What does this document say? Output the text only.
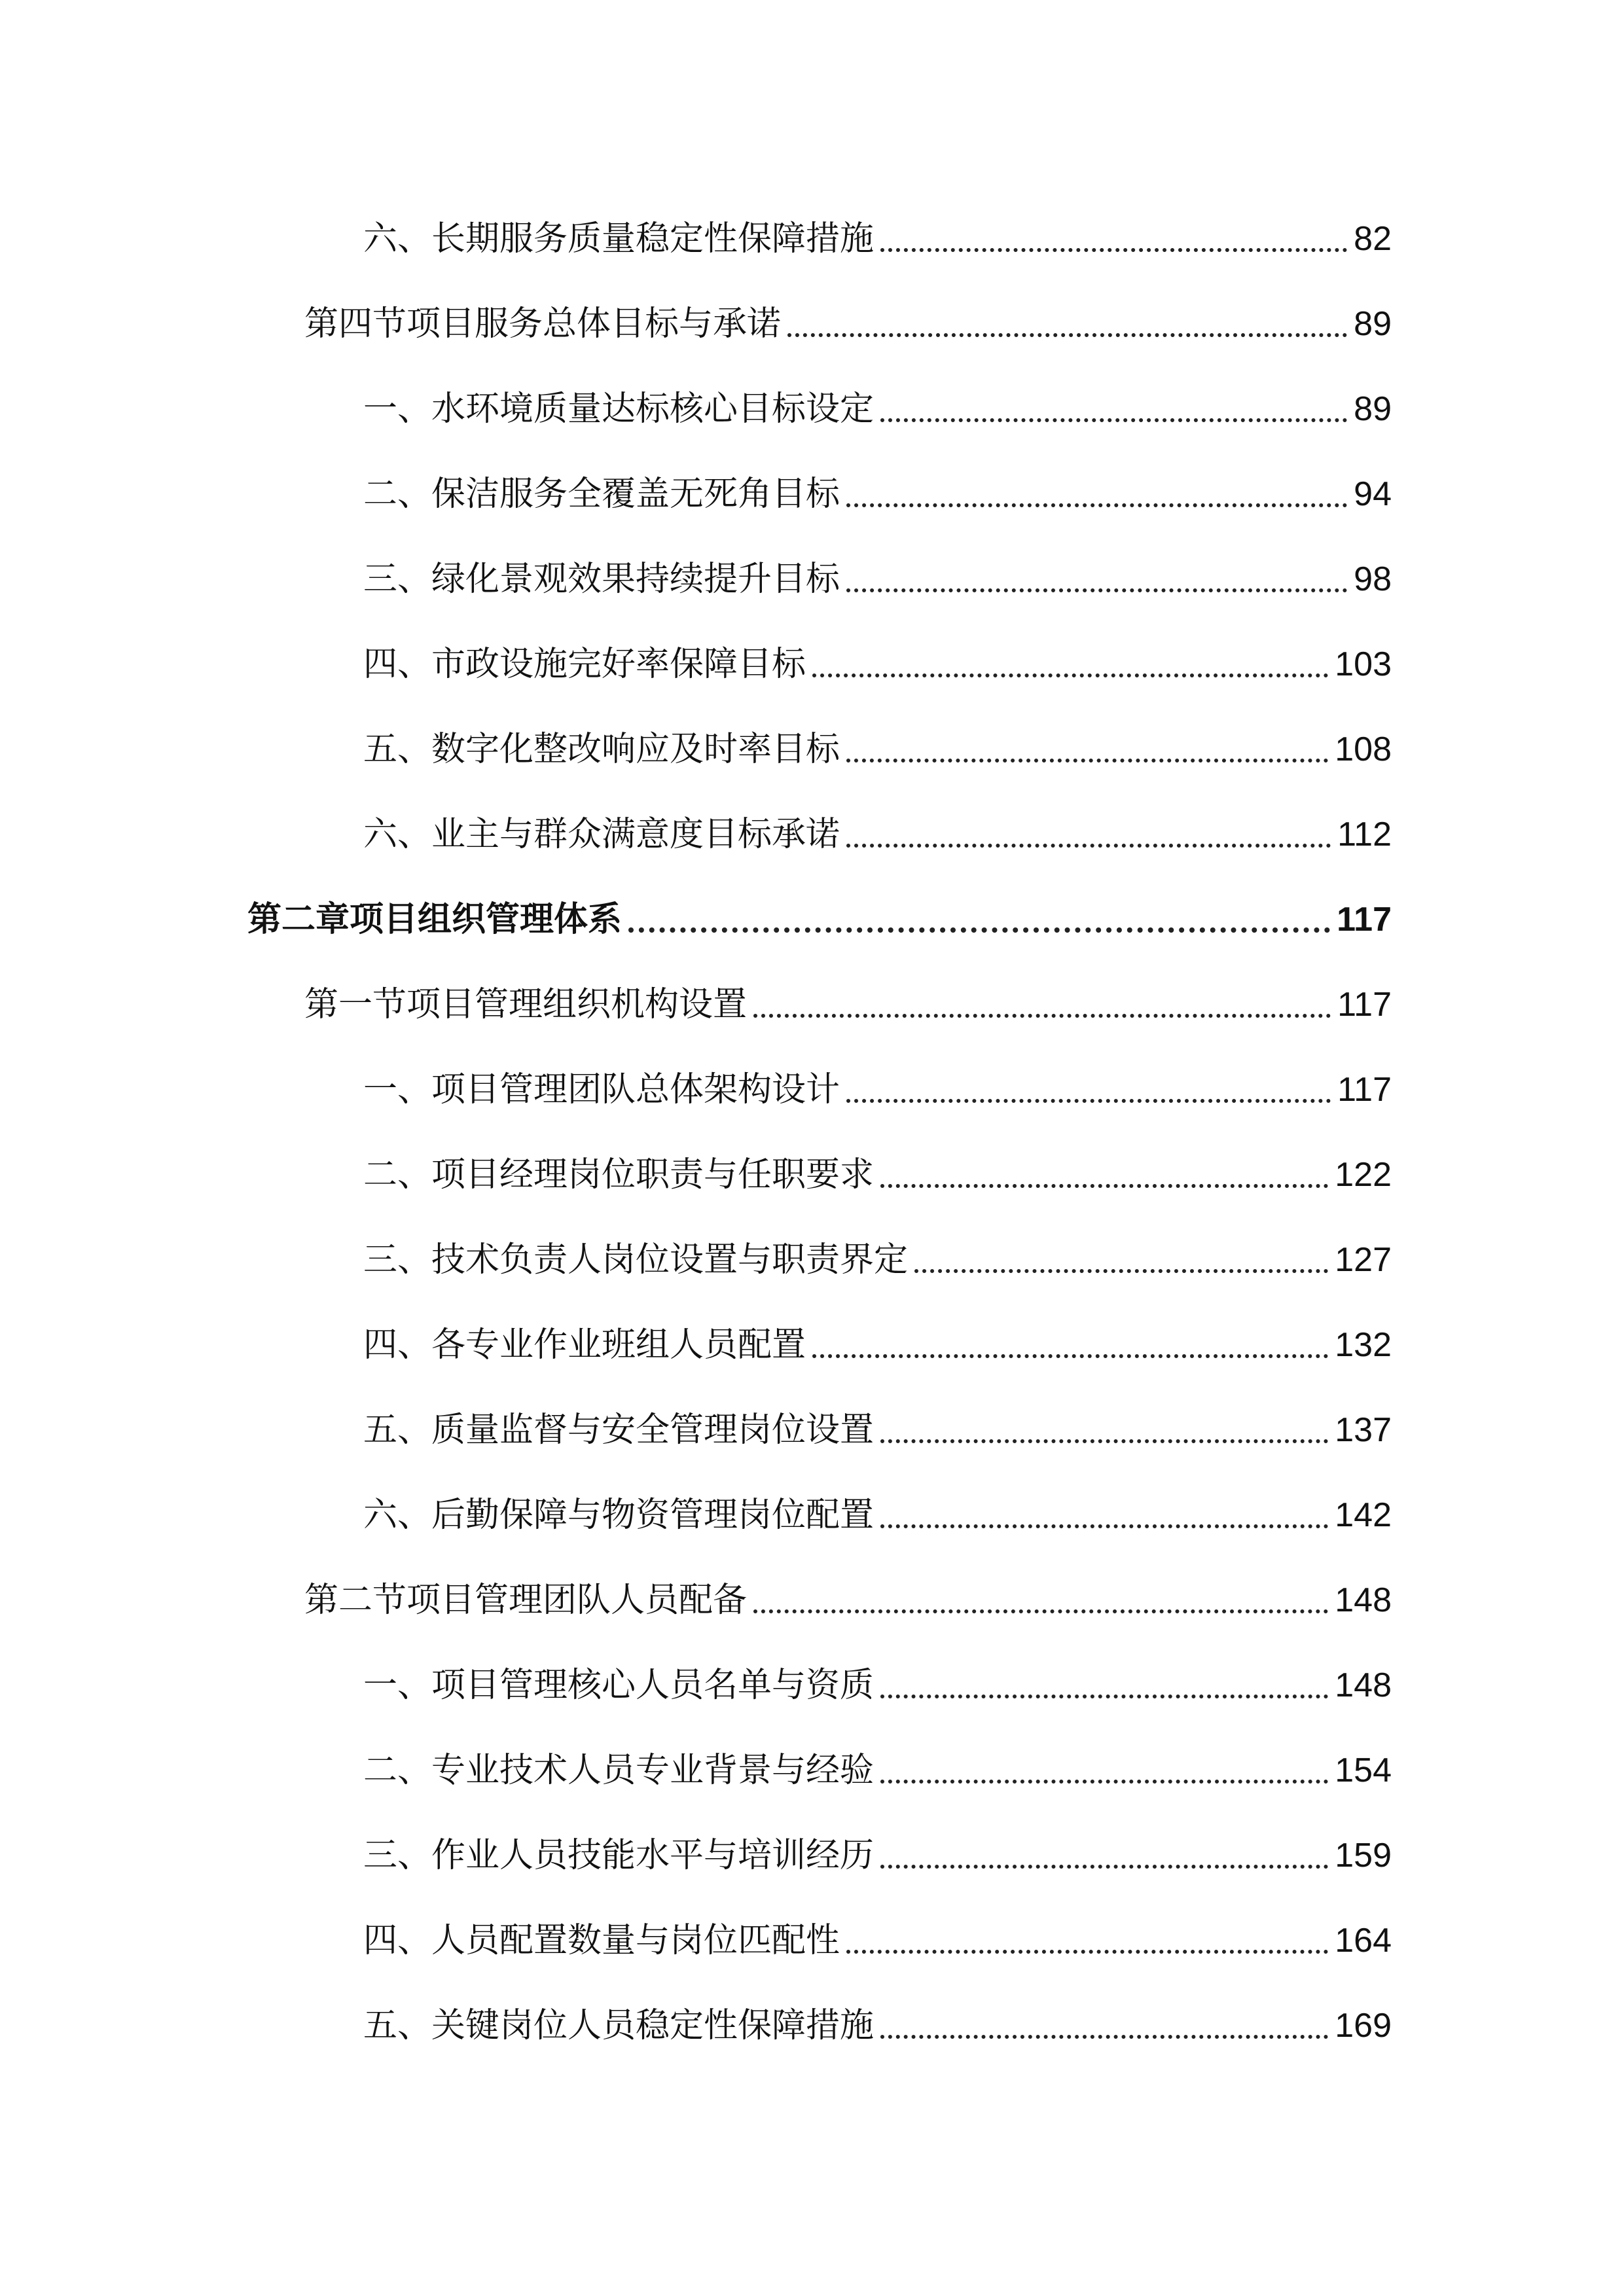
六、长期服务质量稳定性保障措施	82
第四节项目服务总体目标与承诺	89
一、水环境质量达标核心目标设定	89
二、保洁服务全覆盖无死角目标	94
三、绿化景观效果持续提升目标	98
四、市政设施完好率保障目标	103
五、数字化整改响应及时率目标	108
六、业主与群众满意度目标承诺	112
第二章项目组织管理体系	117
第一节项目管理组织机构设置	117
一、项目管理团队总体架构设计	117
二、项目经理岗位职责与任职要求	122
三、技术负责人岗位设置与职责界定	127
四、各专业作业班组人员配置	132
五、质量监督与安全管理岗位设置	137
六、后勤保障与物资管理岗位配置	142
第二节项目管理团队人员配备	148
一、项目管理核心人员名单与资质	148
二、专业技术人员专业背景与经验	154
三、作业人员技能水平与培训经历	159
四、人员配置数量与岗位匹配性	164
五、关键岗位人员稳定性保障措施	169
